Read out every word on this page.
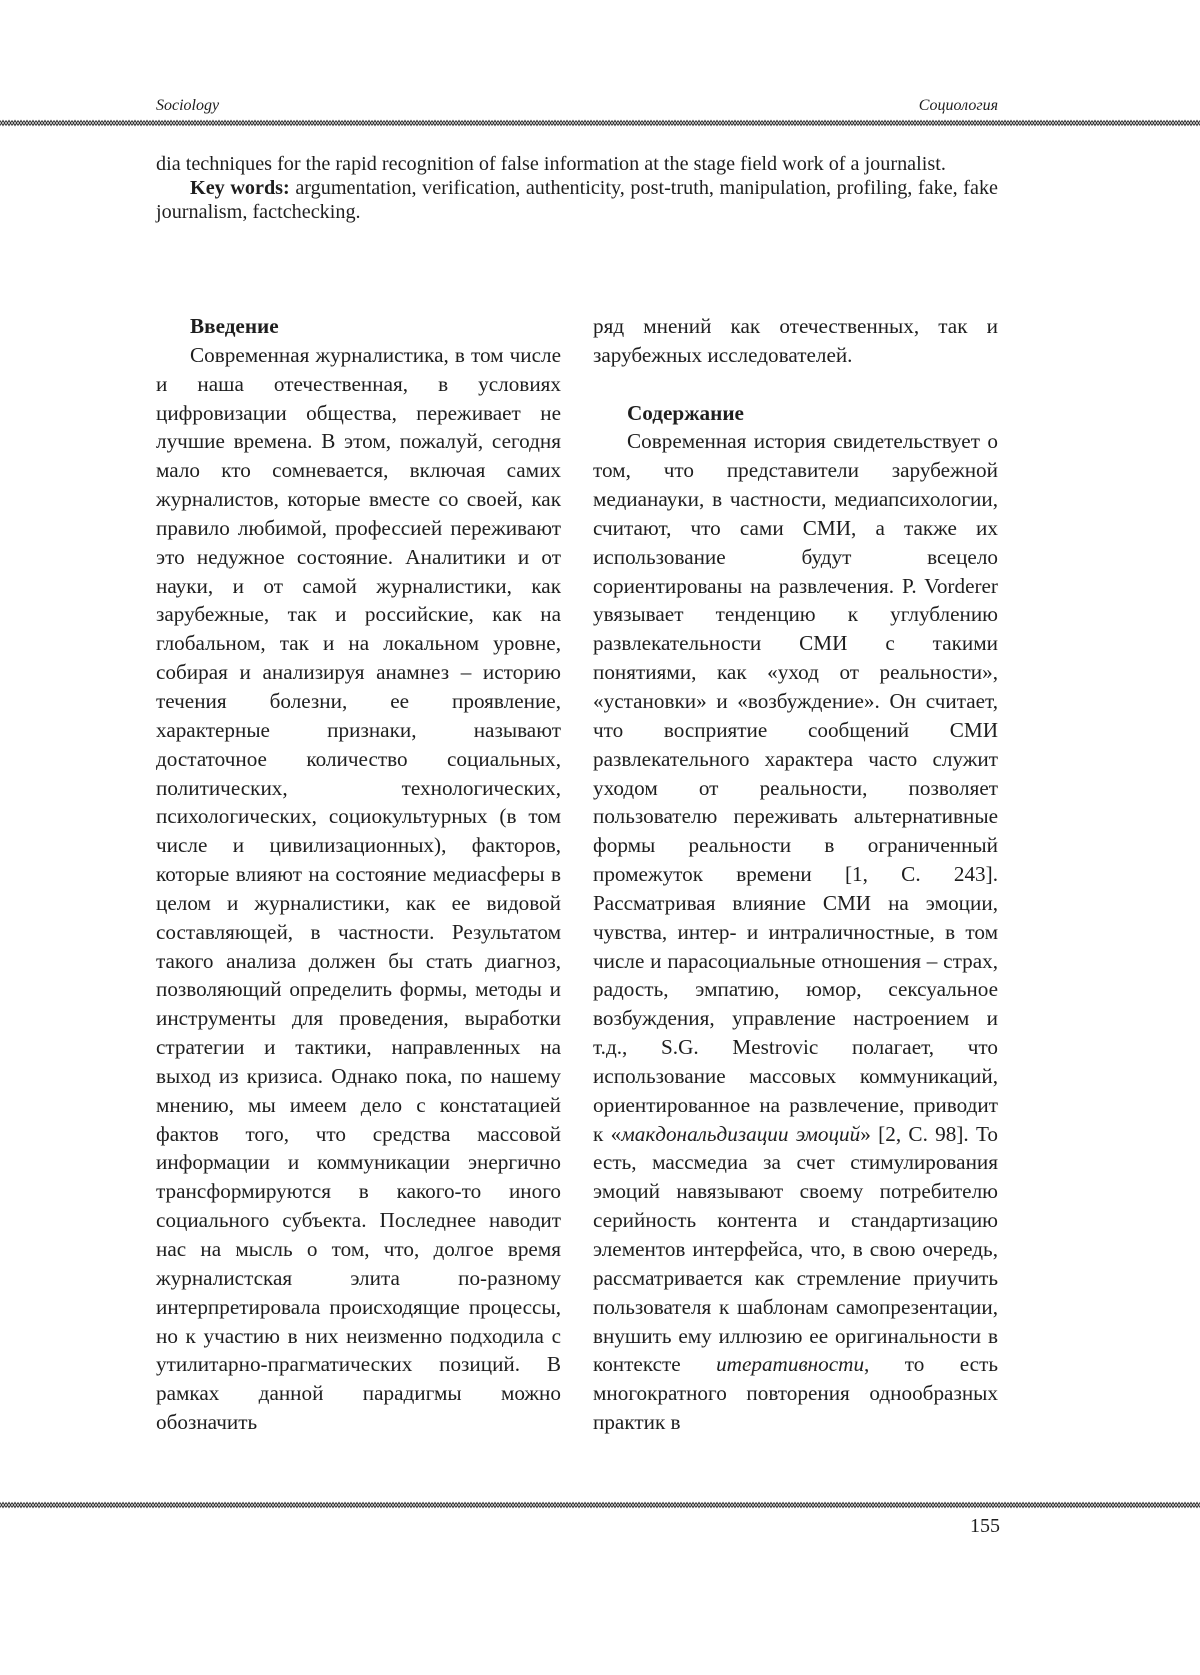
Sociology	Социология

dia techniques for the rapid recognition of false information at the stage field work of a journalist.

Key words: argumentation, verification, authenticity, post-truth, manipulation, profiling, fake, fake journalism, factchecking.

Введение

Современная журналистика, в том числе и наша отечественная, в условиях цифровизации общества, переживает не лучшие времена. В этом, пожалуй, сегодня мало кто сомневается, включая самих журналистов, которые вместе со своей, как правило любимой, профессией переживают это недужное состояние. Аналитики и от науки, и от самой журналистики, как зарубежные, так и российские, как на глобальном, так и на локальном уровне, собирая и анализируя анамнез – историю течения болезни, ее проявление, характерные признаки, называют достаточное количество социальных, политических, технологических, психологических, социокультурных (в том числе и цивилизационных), факторов, которые влияют на состояние медиасферы в целом и журналистики, как ее видовой составляющей, в частности. Результатом такого анализа должен бы стать диагноз, позволяющий определить формы, методы и инструменты для проведения, выработки стратегии и тактики, направленных на выход из кризиса. Однако пока, по нашему мнению, мы имеем дело с констатацией фактов того, что средства массовой информации и коммуникации энергично трансформируются в какого-то иного социального субъекта. Последнее наводит нас на мысль о том, что, долгое время журналистская элита по-разному интерпретировала происходящие процессы, но к участию в них неизменно подходила с утилитарно-прагматических позиций. В рамках данной парадигмы можно обозначить

ряд мнений как отечественных, так и зарубежных исследователей.

Содержание

Современная история свидетельствует о том, что представители зарубежной медианауки, в частности, медиапсихологии, считают, что сами СМИ, а также их использование будут всецело сориентированы на развлечения. P. Vorderer увязывает тенденцию к углублению развлекательности СМИ с такими понятиями, как «уход от реальности», «установки» и «возбуждение». Он считает, что восприятие сообщений СМИ развлекательного характера часто служит уходом от реальности, позволяет пользователю переживать альтернативные формы реальности в ограниченный промежуток времени [1, С. 243]. Рассматривая влияние СМИ на эмоции, чувства, интер- и интраличностные, в том числе и парасоциальные отношения – страх, радость, эмпатию, юмор, сексуальное возбуждения, управление настроением и т.д., S.G. Mestrovic полагает, что использование массовых коммуникаций, ориентированное на развлечение, приводит к «макдональдизации эмоций» [2, С. 98]. То есть, массмедиа за счет стимулирования эмоций навязывают своему потребителю серийность контента и стандартизацию элементов интерфейса, что, в свою очередь, рассматривается как стремление приучить пользователя к шаблонам самопрезентации, внушить ему иллюзию ее оригинальности в контексте итеративности, то есть многократного повторения однообразных практик в

155
